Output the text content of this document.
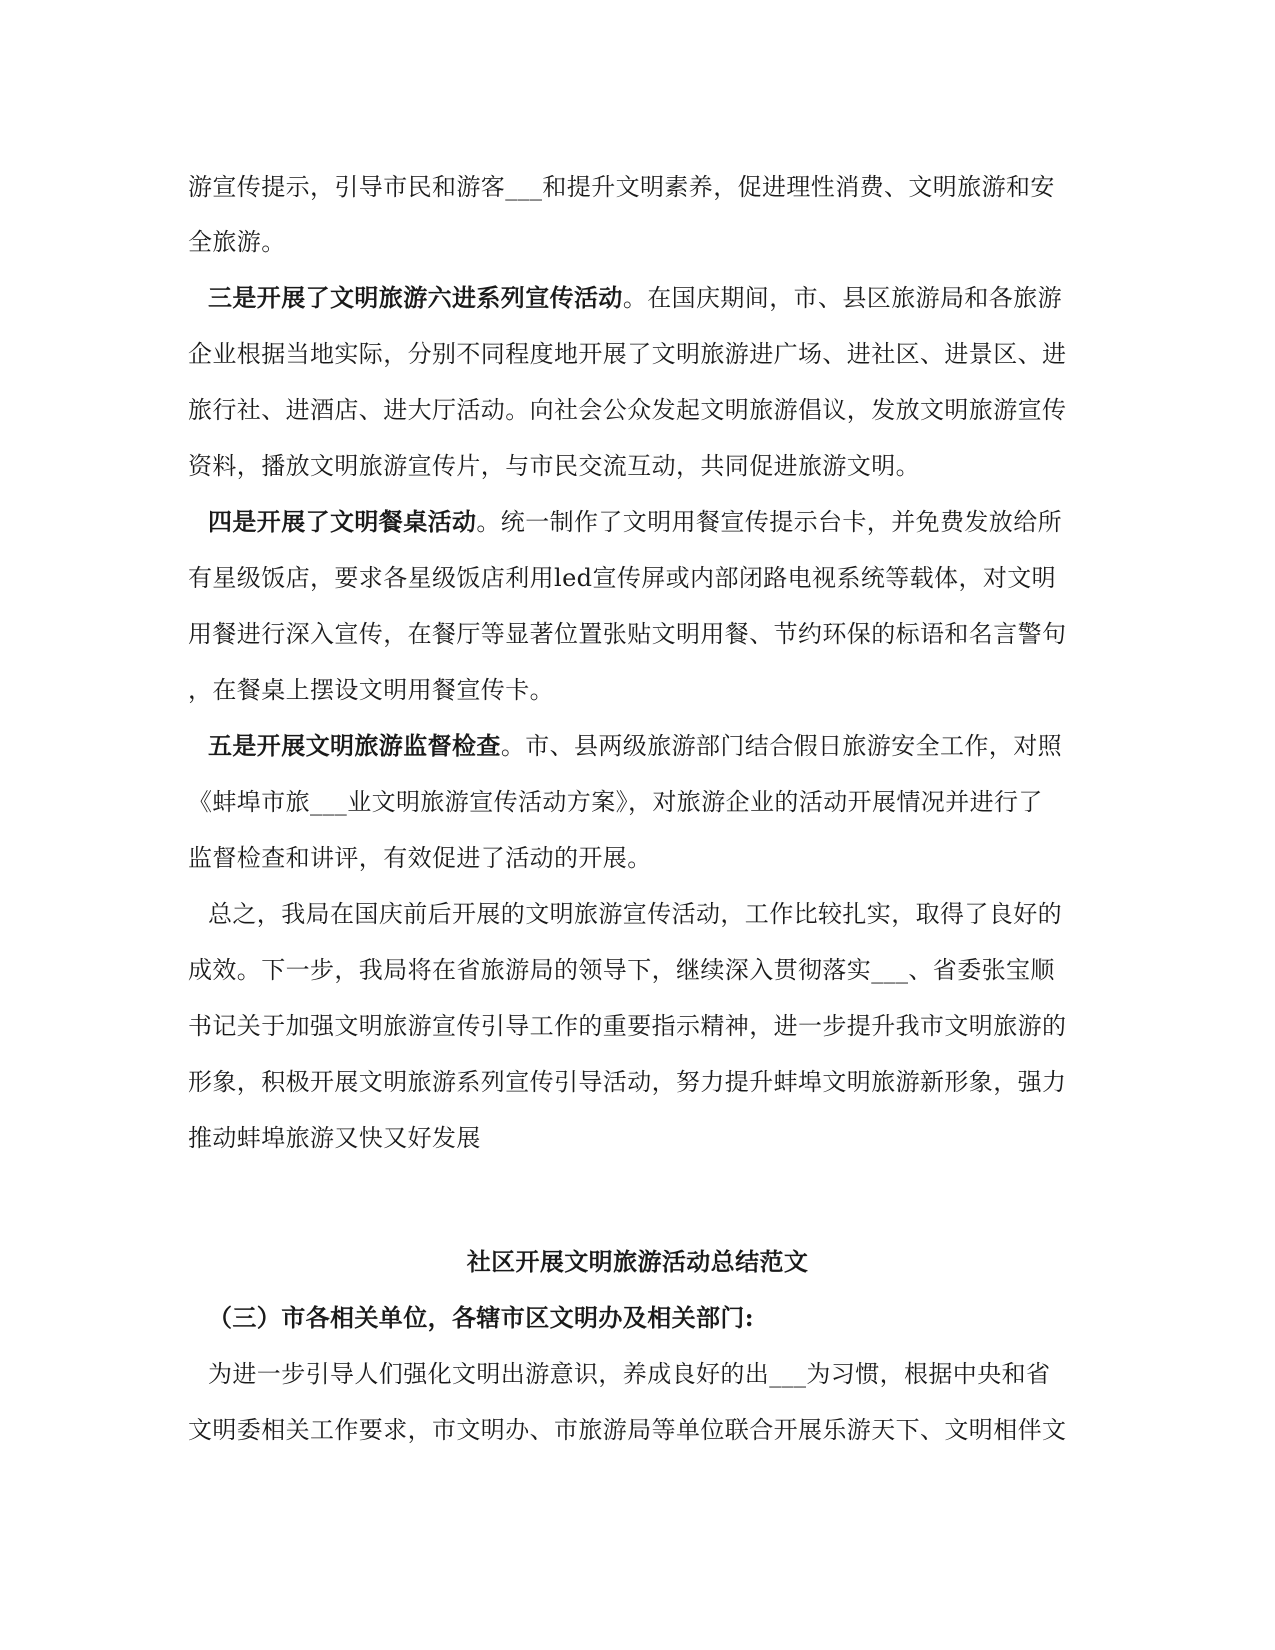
游宣传提示，引导市民和游客___和提升文明素养，促进理性消费、文明旅游和安
全旅游。
三是开展了文明旅游六进系列宣传活动。在国庆期间，市、县区旅游局和各旅游
企业根据当地实际，分别不同程度地开展了文明旅游进广场、进社区、进景区、进
旅行社、进酒店、进大厅活动。向社会公众发起文明旅游倡议，发放文明旅游宣传
资料，播放文明旅游宣传片，与市民交流互动，共同促进旅游文明。
四是开展了文明餐桌活动。统一制作了文明用餐宣传提示台卡，并免费发放给所
有星级饭店，要求各星级饭店利用led宣传屏或内部闭路电视系统等载体，对文明
用餐进行深入宣传，在餐厅等显著位置张贴文明用餐、节约环保的标语和名言警句
，在餐桌上摆设文明用餐宣传卡。
五是开展文明旅游监督检查。市、县两级旅游部门结合假日旅游安全工作，对照
《蚌埠市旅___业文明旅游宣传活动方案》，对旅游企业的活动开展情况并进行了
监督检查和讲评，有效促进了活动的开展。
总之，我局在国庆前后开展的文明旅游宣传活动，工作比较扎实，取得了良好的
成效。下一步，我局将在省旅游局的领导下，继续深入贯彻落实___、省委张宝顺
书记关于加强文明旅游宣传引导工作的重要指示精神，进一步提升我市文明旅游的
形象，积极开展文明旅游系列宣传引导活动，努力提升蚌埠文明旅游新形象，强力
推动蚌埠旅游又快又好发展
社区开展文明旅游活动总结范文
（三）市各相关单位，各辖市区文明办及相关部门:
为进一步引导人们强化文明出游意识，养成良好的出___为习惯，根据中央和省
文明委相关工作要求，市文明办、市旅游局等单位联合开展乐游天下、文明相伴文
